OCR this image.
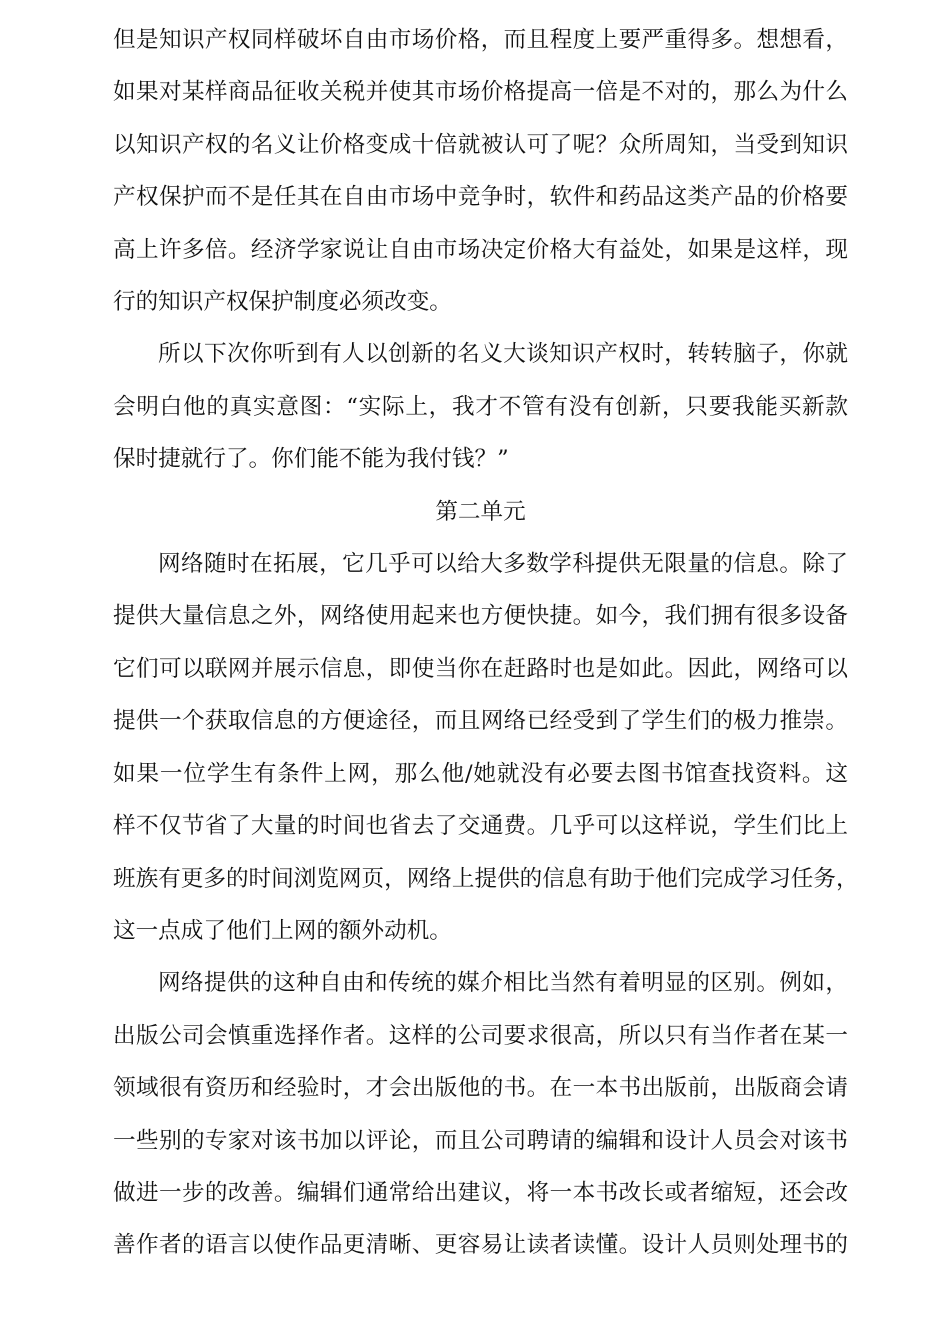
但是知识产权同样破坏自由市场价格，而且程度上要严重得多。想想看，
如果对某样商品征收关税并使其市场价格提高一倍是不对的，那么为什么
以知识产权的名义让价格变成十倍就被认可了呢？众所周知，当受到知识
产权保护而不是任其在自由市场中竞争时，软件和药品这类产品的价格要
高上许多倍。经济学家说让自由市场决定价格大有益处，如果是这样，现
行的知识产权保护制度必须改变。
所以下次你听到有人以创新的名义大谈知识产权时，转转脑子，你就
会明白他的真实意图：“实际上，我才不管有没有创新，只要我能买新款
保时捷就行了。你们能不能为我付钱？”
第二单元
网络随时在拓展，它几乎可以给大多数学科提供无限量的信息。除了
提供大量信息之外，网络使用起来也方便快捷。如今，我们拥有很多设备
它们可以联网并展示信息，即使当你在赶路时也是如此。因此，网络可以
提供一个获取信息的方便途径，而且网络已经受到了学生们的极力推崇。
如果一位学生有条件上网，那么他/她就没有必要去图书馆查找资料。这
样不仅节省了大量的时间也省去了交通费。几乎可以这样说，学生们比上
班族有更多的时间浏览网页，网络上提供的信息有助于他们完成学习任务，
这一点成了他们上网的额外动机。
网络提供的这种自由和传统的媒介相比当然有着明显的区别。例如，
出版公司会慎重选择作者。这样的公司要求很高，所以只有当作者在某一
领域很有资历和经验时，才会出版他的书。在一本书出版前，出版商会请
一些别的专家对该书加以评论，而且公司聘请的编辑和设计人员会对该书
做进一步的改善。编辑们通常给出建议，将一本书改长或者缩短，还会改
善作者的语言以使作品更清晰、更容易让读者读懂。设计人员则处理书的
